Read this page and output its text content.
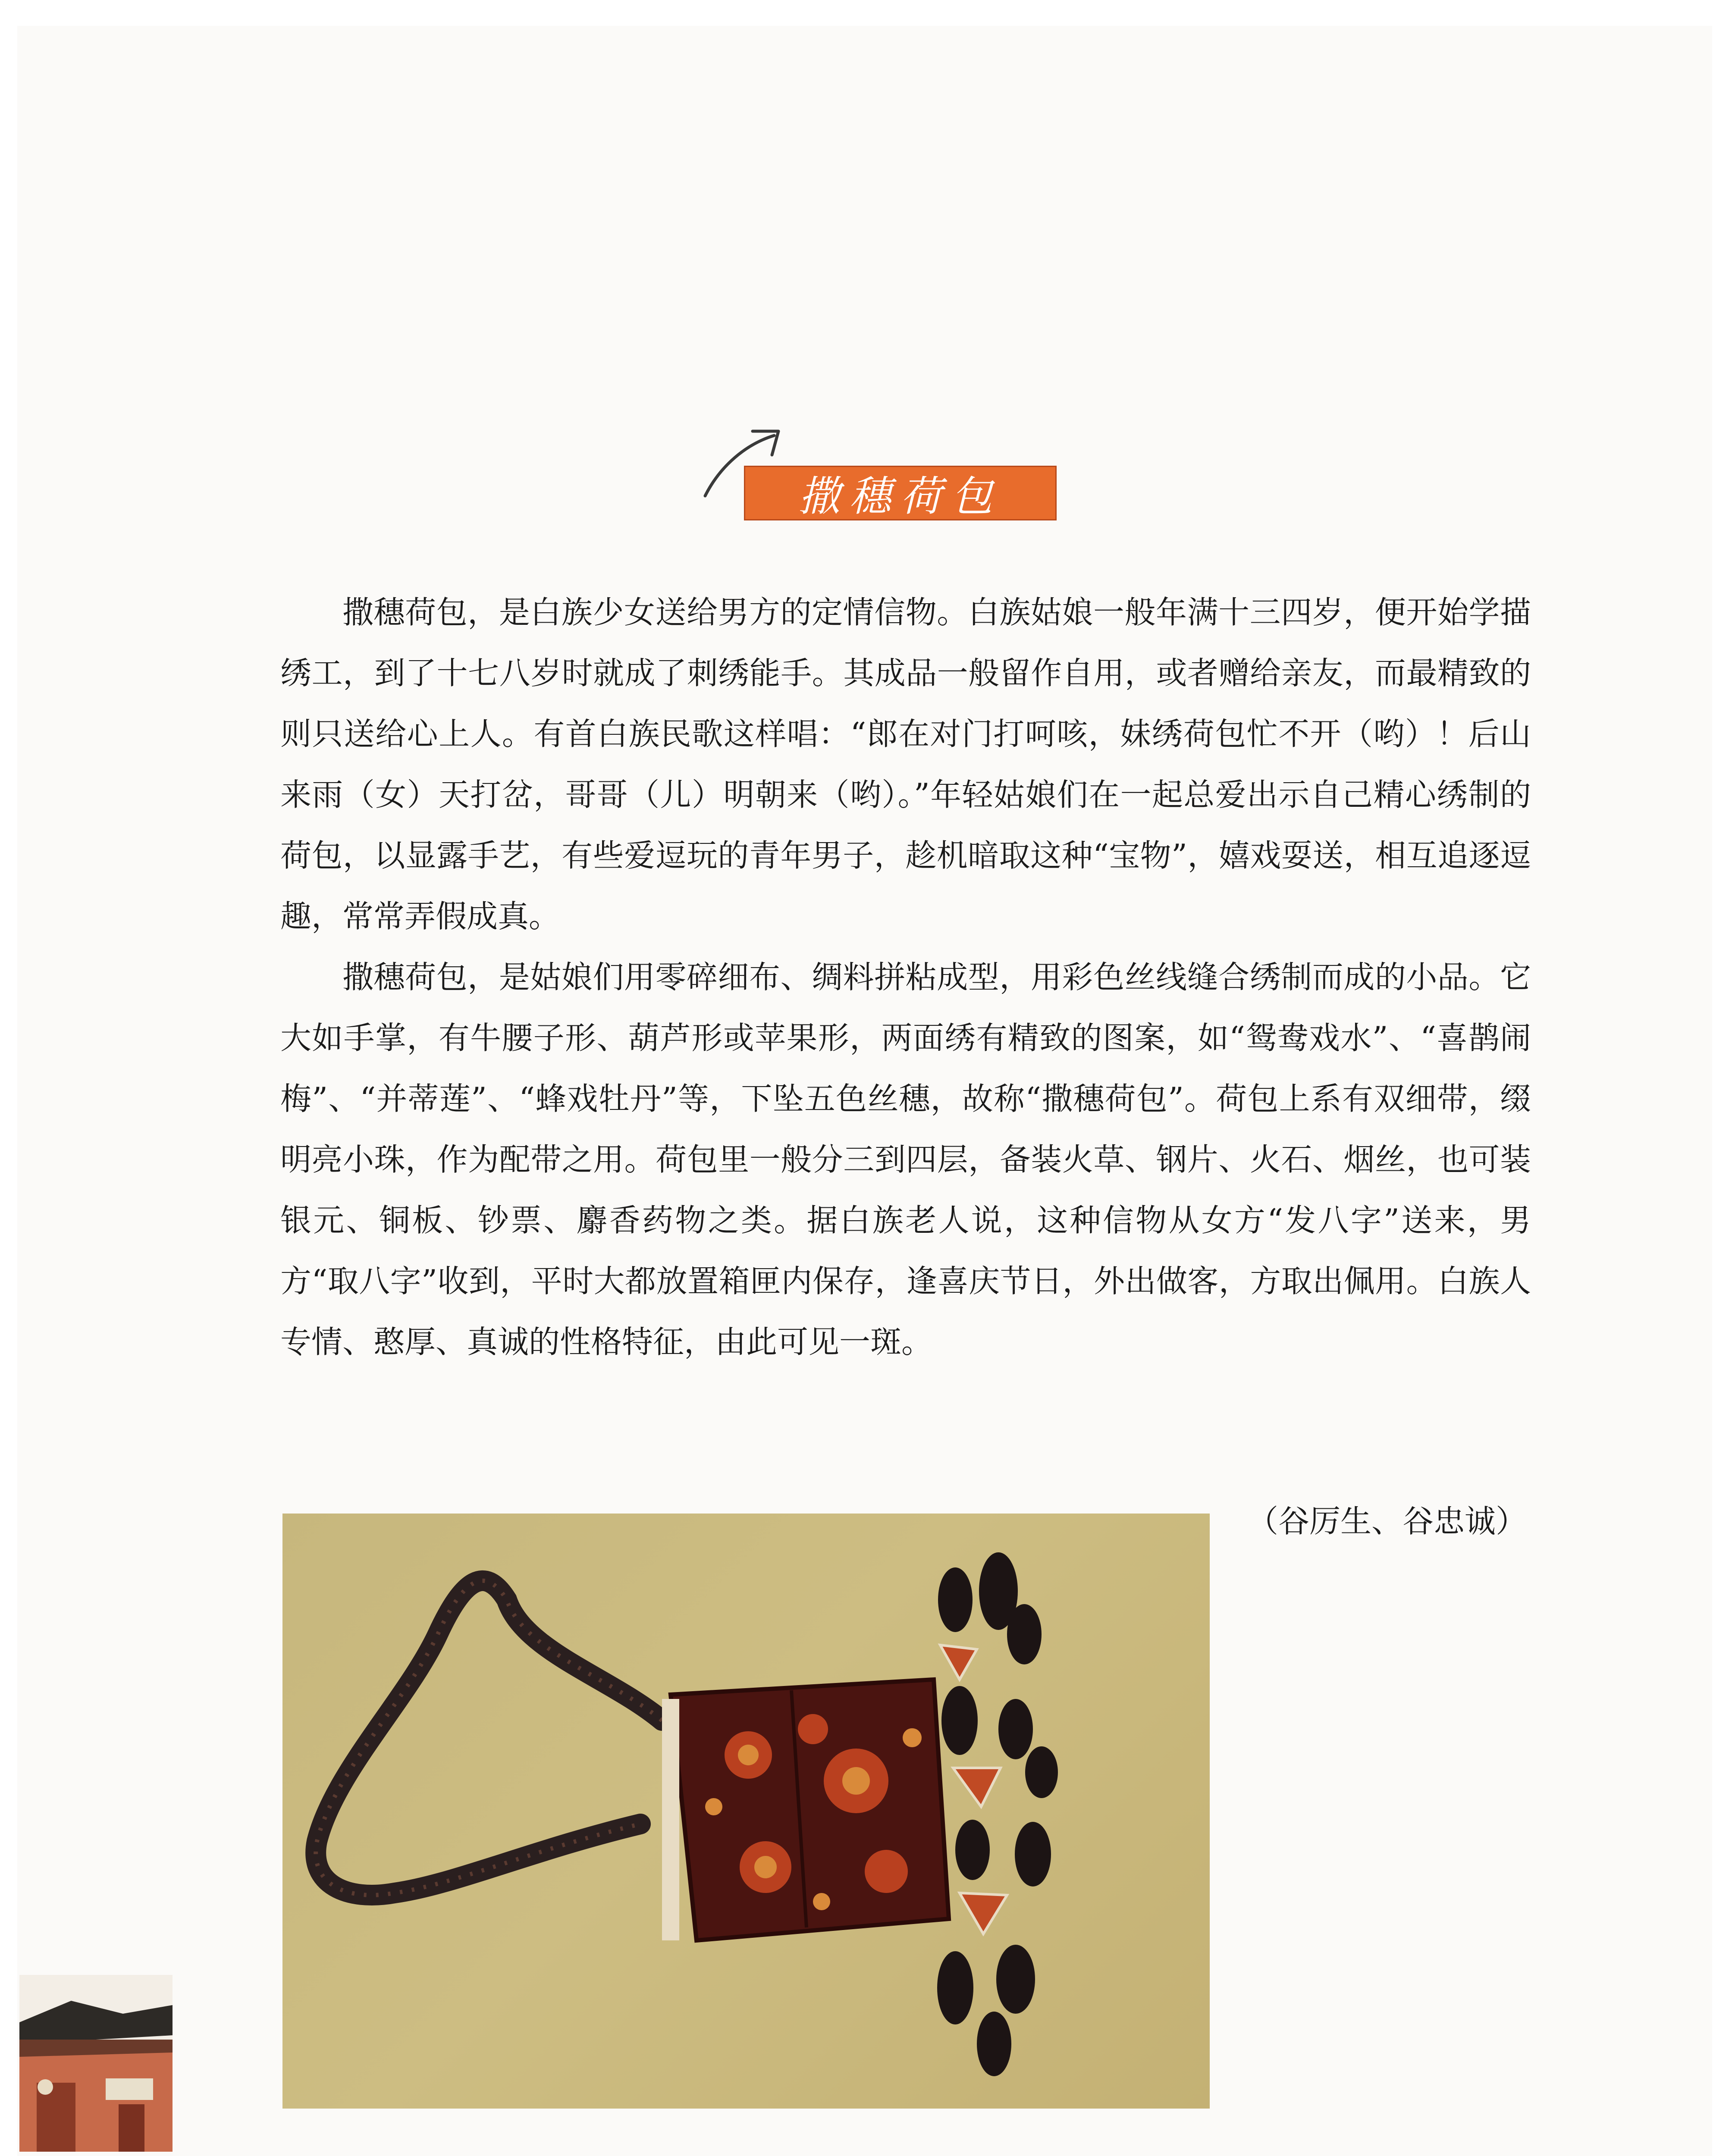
撒穗荷包

撒穗荷包，是白族少女送给男方的定情信物。白族姑娘一般年满十三四岁，便开始学描绣工，到了十七八岁时就成了刺绣能手。其成品一般留作自用，或者赠给亲友，而最精致的则只送给心上人。有首白族民歌这样唱：“郎在对门打呵咳，妹绣荷包忙不开（哟）！后山来雨（女）天打岔，哥哥（儿）明朝来（哟）。”年轻姑娘们在一起总爱出示自己精心绣制的荷包，以显露手艺，有些爱逗玩的青年男子，趁机暗取这种“宝物”，嬉戏耍送，相互追逐逗趣，常常弄假成真。

撒穗荷包，是姑娘们用零碎细布、绸料拼粘成型，用彩色丝线缝合绣制而成的小品。它大如手掌，有牛腰子形、葫芦形或苹果形，两面绣有精致的图案，如“鸳鸯戏水”、“喜鹊闹梅”、“并蒂莲”、“蜂戏牡丹”等，下坠五色丝穗，故称“撒穗荷包”。荷包上系有双细带，缀明亮小珠，作为配带之用。荷包里一般分三到四层，备装火草、钢片、火石、烟丝，也可装银元、铜板、钞票、麝香药物之类。据白族老人说，这种信物从女方“发八字”送来，男方“取八字”收到，平时大都放置箱匣内保存，逢喜庆节日，外出做客，方取出佩用。白族人专情、憨厚、真诚的性格特征，由此可见一斑。

（谷厉生、谷忠诚）
